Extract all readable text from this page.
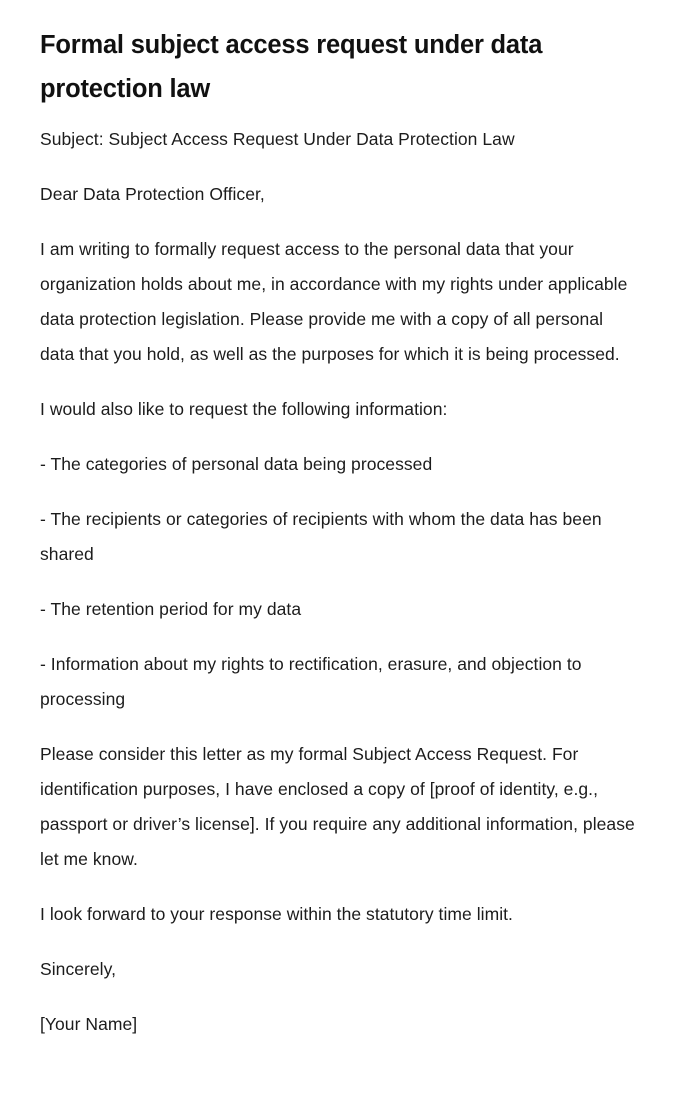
Formal subject access request under data protection law

Subject: Subject Access Request Under Data Protection Law

Dear Data Protection Officer,

I am writing to formally request access to the personal data that your organization holds about me, in accordance with my rights under applicable data protection legislation. Please provide me with a copy of all personal data that you hold, as well as the purposes for which it is being processed.

I would also like to request the following information:

- The categories of personal data being processed

- The recipients or categories of recipients with whom the data has been shared

- The retention period for my data

- Information about my rights to rectification, erasure, and objection to processing

Please consider this letter as my formal Subject Access Request. For identification purposes, I have enclosed a copy of [proof of identity, e.g., passport or driver’s license]. If you require any additional information, please let me know.

I look forward to your response within the statutory time limit.

Sincerely,

[Your Name]
